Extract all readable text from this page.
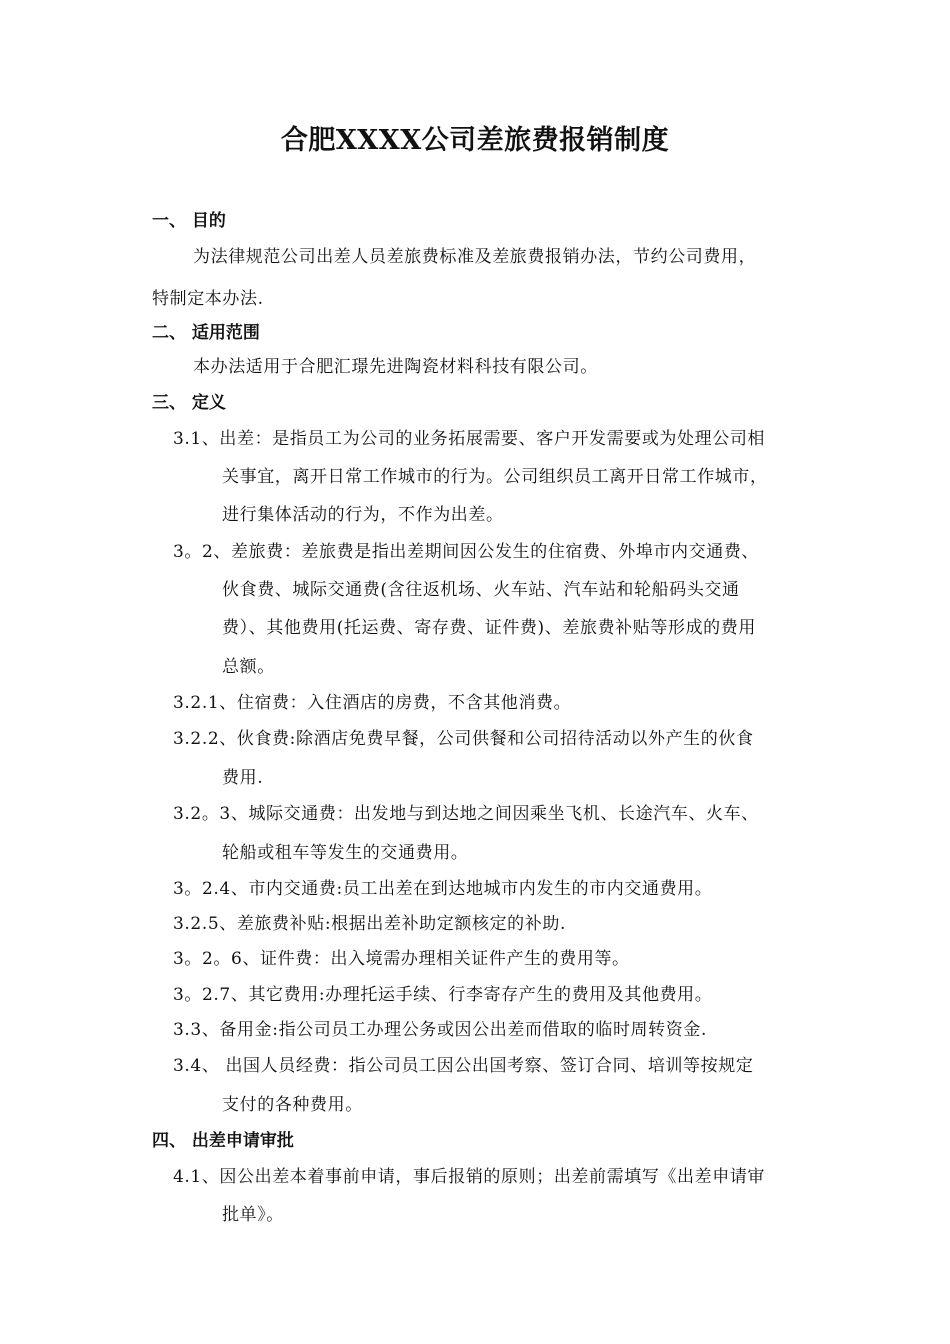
合肥XXXX公司差旅费报销制度
一、 目的
为法律规范公司出差人员差旅费标准及差旅费报销办法，节约公司费用，
特制定本办法.
二、 适用范围
本办法适用于合肥汇璟先进陶瓷材料科技有限公司。
三、 定义
3.1、出差：是指员工为公司的业务拓展需要、客户开发需要或为处理公司相
关事宜，离开日常工作城市的行为。公司组织员工离开日常工作城市，
进行集体活动的行为，不作为出差。
3。2、差旅费：差旅费是指出差期间因公发生的住宿费、外埠市内交通费、
伙食费、城际交通费(含往返机场、火车站、汽车站和轮船码头交通
费）、其他费用(托运费、寄存费、证件费)、差旅费补贴等形成的费用
总额。
3.2.1、住宿费：入住酒店的房费，不含其他消费。
3.2.2、伙食费:除酒店免费早餐，公司供餐和公司招待活动以外产生的伙食
费用.
3.2。3、城际交通费：出发地与到达地之间因乘坐飞机、长途汽车、火车、
轮船或租车等发生的交通费用。
3。2.4、市内交通费:员工出差在到达地城市内发生的市内交通费用。
3.2.5、差旅费补贴:根据出差补助定额核定的补助.
3。2。6、证件费：出入境需办理相关证件产生的费用等。
3。2.7、其它费用:办理托运手续、行李寄存产生的费用及其他费用。
3.3、备用金:指公司员工办理公务或因公出差而借取的临时周转资金.
3.4、 出国人员经费：指公司员工因公出国考察、签订合同、培训等按规定
支付的各种费用。
四、 出差申请审批
4.1、因公出差本着事前申请，事后报销的原则；出差前需填写《出差申请审
批单》。
